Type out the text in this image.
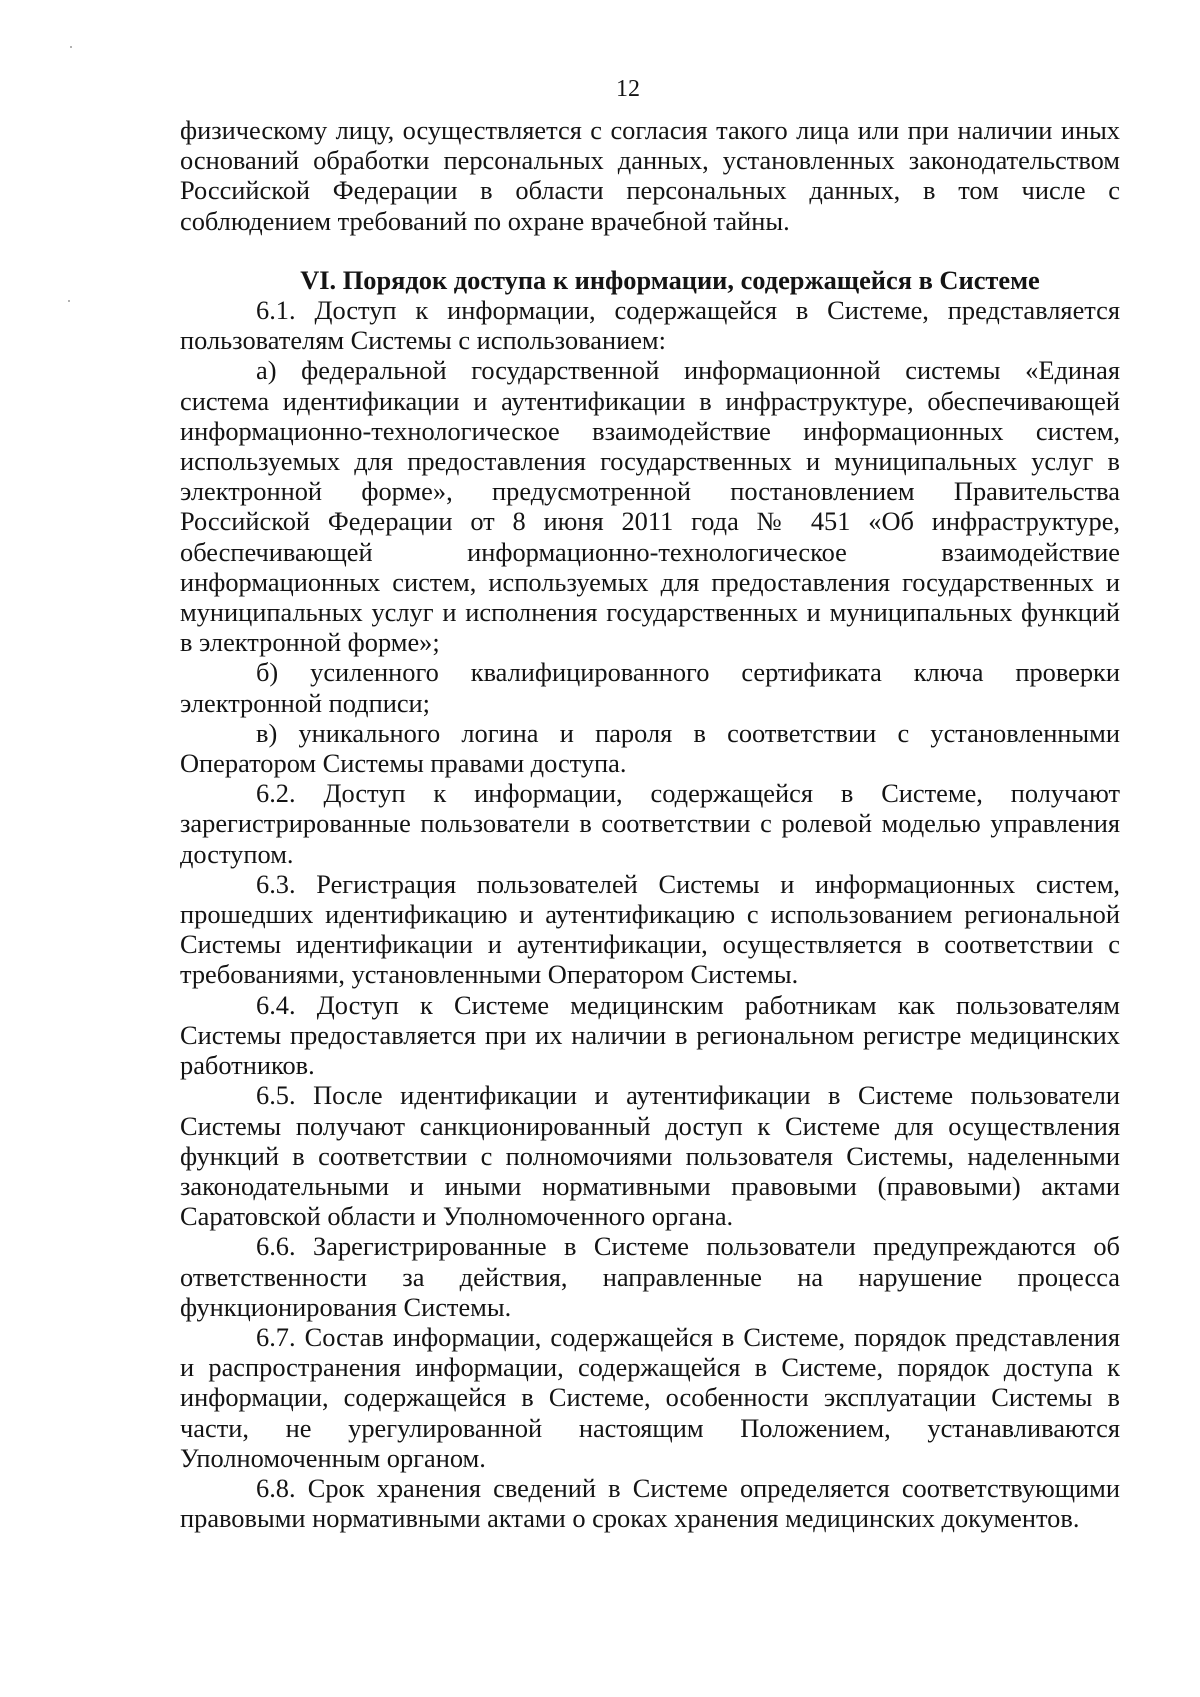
12

физическому лицу, осуществляется с согласия такого лица или при наличии иных оснований обработки персональных данных, установленных законодательством Российской Федерации в области персональных данных, в том числе с соблюдением требований по охране врачебной тайны.

VI. Порядок доступа к информации, содержащейся в Системе

6.1. Доступ к информации, содержащейся в Системе, представляется пользователям Системы с использованием:

а) федеральной государственной информационной системы «Единая система идентификации и аутентификации в инфраструктуре, обеспечивающей информационно-технологическое взаимодействие информационных систем, используемых для предоставления государственных и муниципальных услуг в электронной форме», предусмотренной постановлением Правительства Российской Федерации от 8 июня 2011 года № 451 «Об инфраструктуре, обеспечивающей информационно-технологическое взаимодействие информационных систем, используемых для предоставления государственных и муниципальных услуг и исполнения государственных и муниципальных функций в электронной форме»;

б) усиленного квалифицированного сертификата ключа проверки электронной подписи;

в) уникального логина и пароля в соответствии с установленными Оператором Системы правами доступа.

6.2. Доступ к информации, содержащейся в Системе, получают зарегистрированные пользователи в соответствии с ролевой моделью управления доступом.

6.3. Регистрация пользователей Системы и информационных систем, прошедших идентификацию и аутентификацию с использованием региональной Системы идентификации и аутентификации, осуществляется в соответствии с требованиями, установленными Оператором Системы.

6.4. Доступ к Системе медицинским работникам как пользователям Системы предоставляется при их наличии в региональном регистре медицинских работников.

6.5. После идентификации и аутентификации в Системе пользователи Системы получают санкционированный доступ к Системе для осуществления функций в соответствии с полномочиями пользователя Системы, наделенными законодательными и иными нормативными правовыми (правовыми) актами Саратовской области и Уполномоченного органа.

6.6. Зарегистрированные в Системе пользователи предупреждаются об ответственности за действия, направленные на нарушение процесса функционирования Системы.

6.7. Состав информации, содержащейся в Системе, порядок представления и распространения информации, содержащейся в Системе, порядок доступа к информации, содержащейся в Системе, особенности эксплуатации Системы в части, не урегулированной настоящим Положением, устанавливаются Уполномоченным органом.

6.8. Срок хранения сведений в Системе определяется соответствующими правовыми нормативными актами о сроках хранения медицинских документов.
